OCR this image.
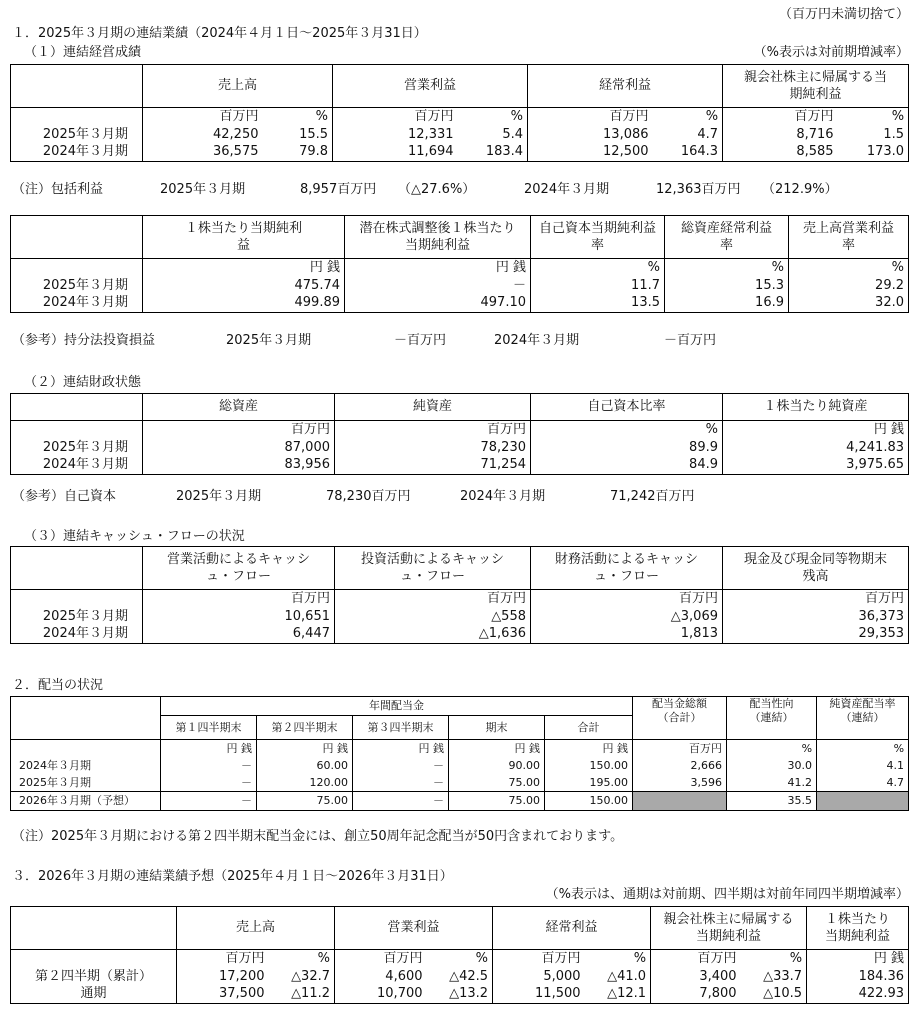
（百万円未満切捨て）
１．2025年３月期の連結業績（2024年４月１日～2025年３月31日）
（１）連結経営成績	（%表示は対前期増減率）
	売上高		営業利益		経常利益		親会社株主に帰属する当期純利益	
	百万円	%	百万円	%	百万円	%	百万円	%
2025年３月期	42,250	15.5	12,331	5.4	13,086	4.7	8,716	1.5
2024年３月期	36,575	79.8	11,694	183.4	12,500	164.3	8,585	173.0
（注）包括利益	2025年３月期	8,957百万円 （△27.6%）	2024年３月期	12,363百万円 （212.9%）
	１株当たり当期純利益	潜在株式調整後１株当たり当期純利益	自己資本当期純利益率	総資産経常利益率	売上高営業利益率
	円 銭	円 銭	%	%	%
2025年３月期	475.74	－	11.7	15.3	29.2
2024年３月期	499.89	497.10	13.5	16.9	32.0
（参考）持分法投資損益	2025年３月期	－百万円	2024年３月期	－百万円
（２）連結財政状態
	総資産	純資産	自己資本比率	１株当たり純資産
	百万円	百万円	%	円 銭
2025年３月期	87,000	78,230	89.9	4,241.83
2024年３月期	83,956	71,254	84.9	3,975.65
（参考）自己資本	2025年３月期	78,230百万円	2024年３月期	71,242百万円
（３）連結キャッシュ・フローの状況
	営業活動によるキャッシュ・フロー	投資活動によるキャッシュ・フロー	財務活動によるキャッシュ・フロー	現金及び現金同等物期末残高
	百万円	百万円	百万円	百万円
2025年３月期	10,651	△558	△3,069	36,373
2024年３月期	6,447	△1,636	1,813	29,353
２．配当の状況
	年間配当金					配当金総額（合計）	配当性向（連結）	純資産配当率（連結）
	第１四半期末	第２四半期末	第３四半期末	期末	合計			
	円 銭	円 銭	円 銭	円 銭	円 銭	百万円	%	%
2024年３月期	－	60.00	－	90.00	150.00	2,666	30.0	4.1
2025年３月期	－	120.00	－	75.00	195.00	3,596	41.2	4.7
2026年３月期（予想）	－	75.00	－	75.00	150.00		35.5	
（注）2025年３月期における第２四半期末配当金には、創立50周年記念配当が50円含まれております。
３．2026年３月期の連結業績予想（2025年４月１日～2026年３月31日）
（%表示は、通期は対前期、四半期は対前年同四半期増減率）
	売上高		営業利益		経常利益		親会社株主に帰属する当期純利益		１株当たり当期純利益
	百万円	%	百万円	%	百万円	%	百万円	%	円 銭
第２四半期（累計）	17,200	△32.7	4,600	△42.5	5,000	△41.0	3,400	△33.7	184.36
通期	37,500	△11.2	10,700	△13.2	11,500	△12.1	7,800	△10.5	422.93
